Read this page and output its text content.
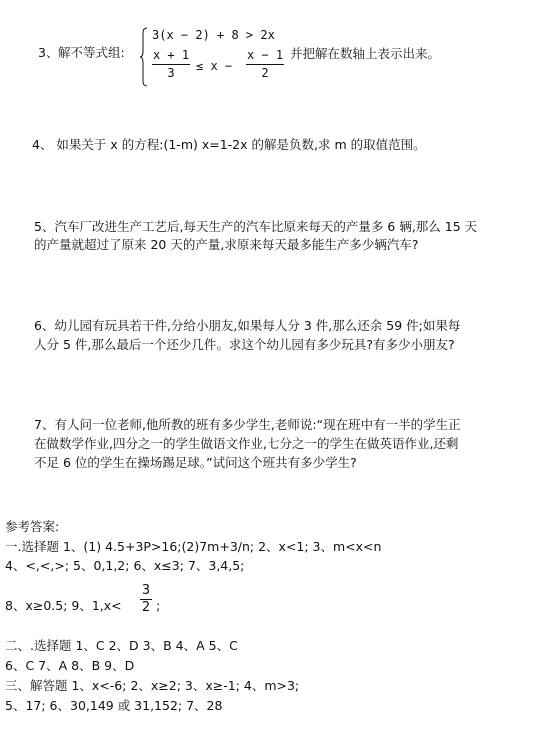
3、 解不等式组:
3(x − 2) + 8 > 2x
x + 1
3	≤ x −
x − 1
2
并把解在数轴上表示出来。
4、 如果关于 x 的方程:(1-m) x=1-2x 的解是负数,求 m 的取值范围。
5、汽车厂改进生产工艺后,每天生产的汽车比原来每天的产量多 6 辆,那么 15 天
的产量就超过了原来 20 天的产量,求原来每天最多能生产多少辆汽车?
6、幼儿园有玩具若干件,分给小朋友,如果每人分 3 件,那么还余 59 件;如果每
人分 5 件,那么最后一个还少几件。求这个幼儿园有多少玩具?有多少小朋友?
7、有人问一位老师,他所教的班有多少学生,老师说:“现在班中有一半的学生正
在做数学作业,四分之一的学生做语文作业,七分之一的学生在做英语作业,还剩
不足 6 位的学生在操场踢足球。”试问这个班共有多少学生?
参考答案:
一.选择题 1、(1) 4.5+3P>16;(2)7m+3/n; 2、x<1; 3、m<x<n
4、<,<,>; 5、0,1,2; 6、x≤3; 7、3,4,5;
8、x≥0.5; 9、1,x<
3
2 ;
二、.选择题 1、C 2、D 3、B 4、A 5、C
6、C 7、A 8、B 9、D
三、解答题 1、x<-6; 2、x≥2; 3、x≥-1; 4、m>3;
5、17; 6、30,149 或 31,152; 7、28
